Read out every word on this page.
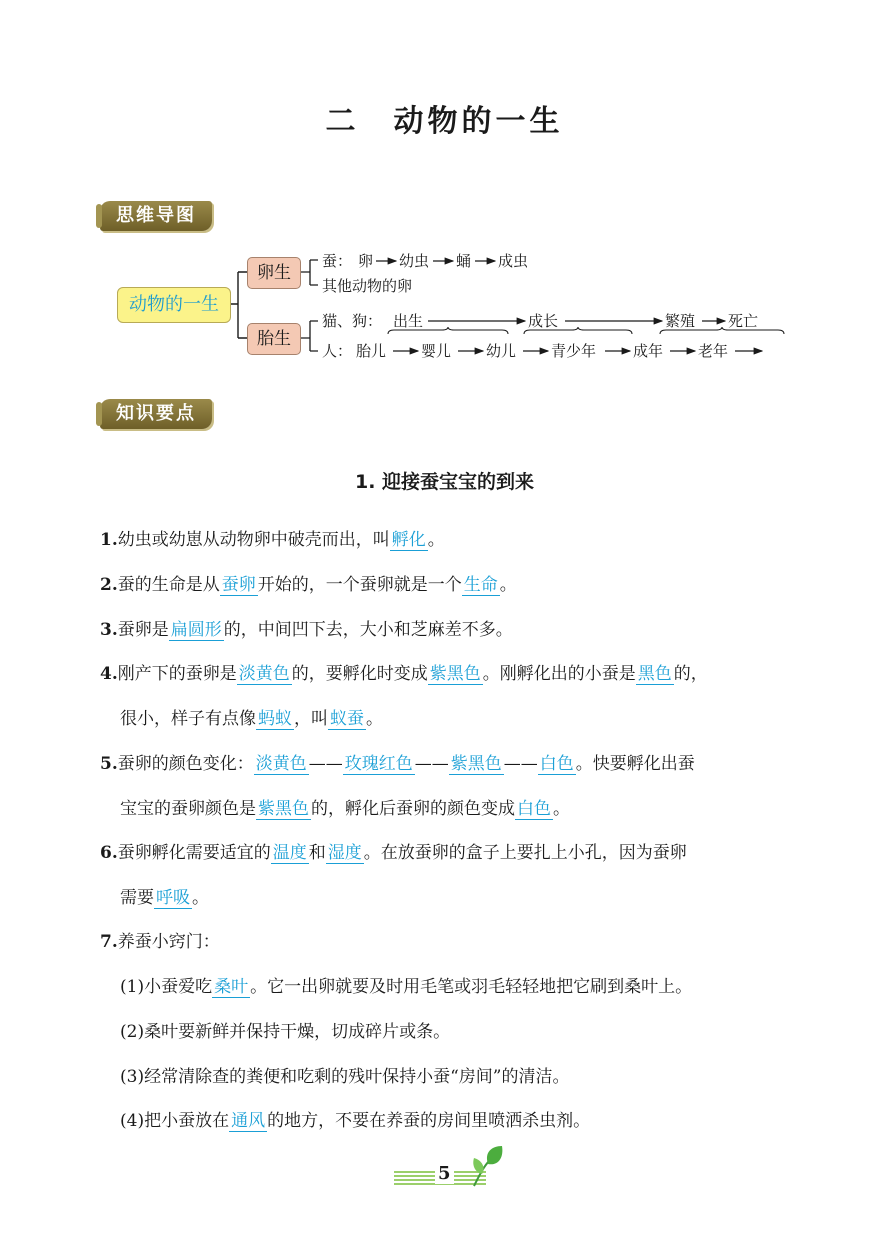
二　动物的一生
思维导图
蚕： 卵 幼虫 蛹 成虫
其他动物的卵
猫、狗： 出生	成长	繁殖 死亡
人： 胎儿 婴儿 幼儿 青少年 成年 老年
动物的一生
卵生
胎生
知识要点
1. 迎接蚕宝宝的到来
1.幼虫或幼崽从动物卵中破壳而出，叫 孵化 。
2.蚕的生命是从 蚕卵 开始的，一个蚕卵就是一个 生命 。
3.蚕卵是 扁圆形 的，中间凹下去，大小和芝麻差不多。
4.刚产下的蚕卵是 淡黄色 的，要孵化时变成 紫黑色 。刚孵化出的小蚕是 黑色 的，
很小，样子有点像 蚂蚁 ，叫 蚁蚕 。
5.蚕卵的颜色变化： 淡黄色 —— 玫瑰红色 —— 紫黑色 —— 白色 。快要孵化出蚕
宝宝的蚕卵颜色是 紫黑色 的，孵化后蚕卵的颜色变成 白色 。
6.蚕卵孵化需要适宜的 温度 和 湿度 。在放蚕卵的盒子上要扎上小孔，因为蚕卵
需要 呼吸 。
7.养蚕小窍门：
(1)小蚕爱吃 桑叶 。它一出卵就要及时用毛笔或羽毛轻轻地把它刷到桑叶上。
(2)桑叶要新鲜并保持干燥，切成碎片或条。
(3)经常清除查的粪便和吃剩的残叶保持小蚕“房间”的清洁。
(4)把小蚕放在 通风 的地方，不要在养蚕的房间里喷洒杀虫剂。
5
